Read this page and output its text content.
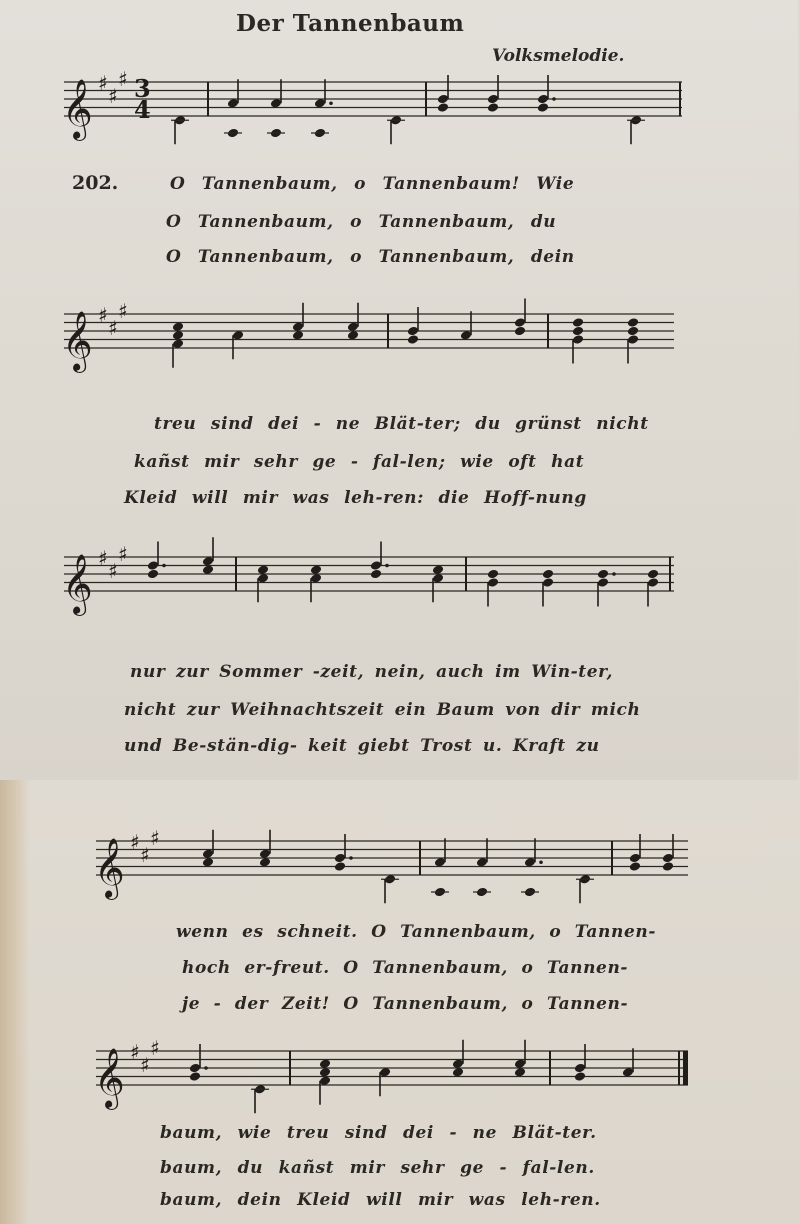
Der Tannenbaum
Volksmelodie.
𝄞 ♯
♯
♯ 3
4
202.	O Tannenbaum, o Tannenbaum! Wie
O Tannenbaum, o Tannenbaum, du
O Tannenbaum, o Tannenbaum, dein
𝄞 ♯
♯
♯
treu sind dei - ne Blät-ter; du grünst nicht
kañst mir sehr ge - fal-len; wie oft hat
Kleid will mir was leh-ren: die Hoff-nung
𝄞 ♯
♯
♯
nur zur Sommer -zeit, nein, auch im Win-ter,
nicht zur Weihnachtszeit ein Baum von dir mich
und Be-stän-dig- keit giebt Trost u. Kraft zu
𝄞 ♯
♯
♯
wenn es schneit. O Tannenbaum, o Tannen-
hoch er-freut. O Tannenbaum, o Tannen-
je - der Zeit! O Tannenbaum, o Tannen-
𝄞 ♯
♯
♯
baum, wie treu sind dei - ne Blät-ter.
baum, du kañst mir sehr ge - fal-len.
baum, dein Kleid will mir was leh-ren.
